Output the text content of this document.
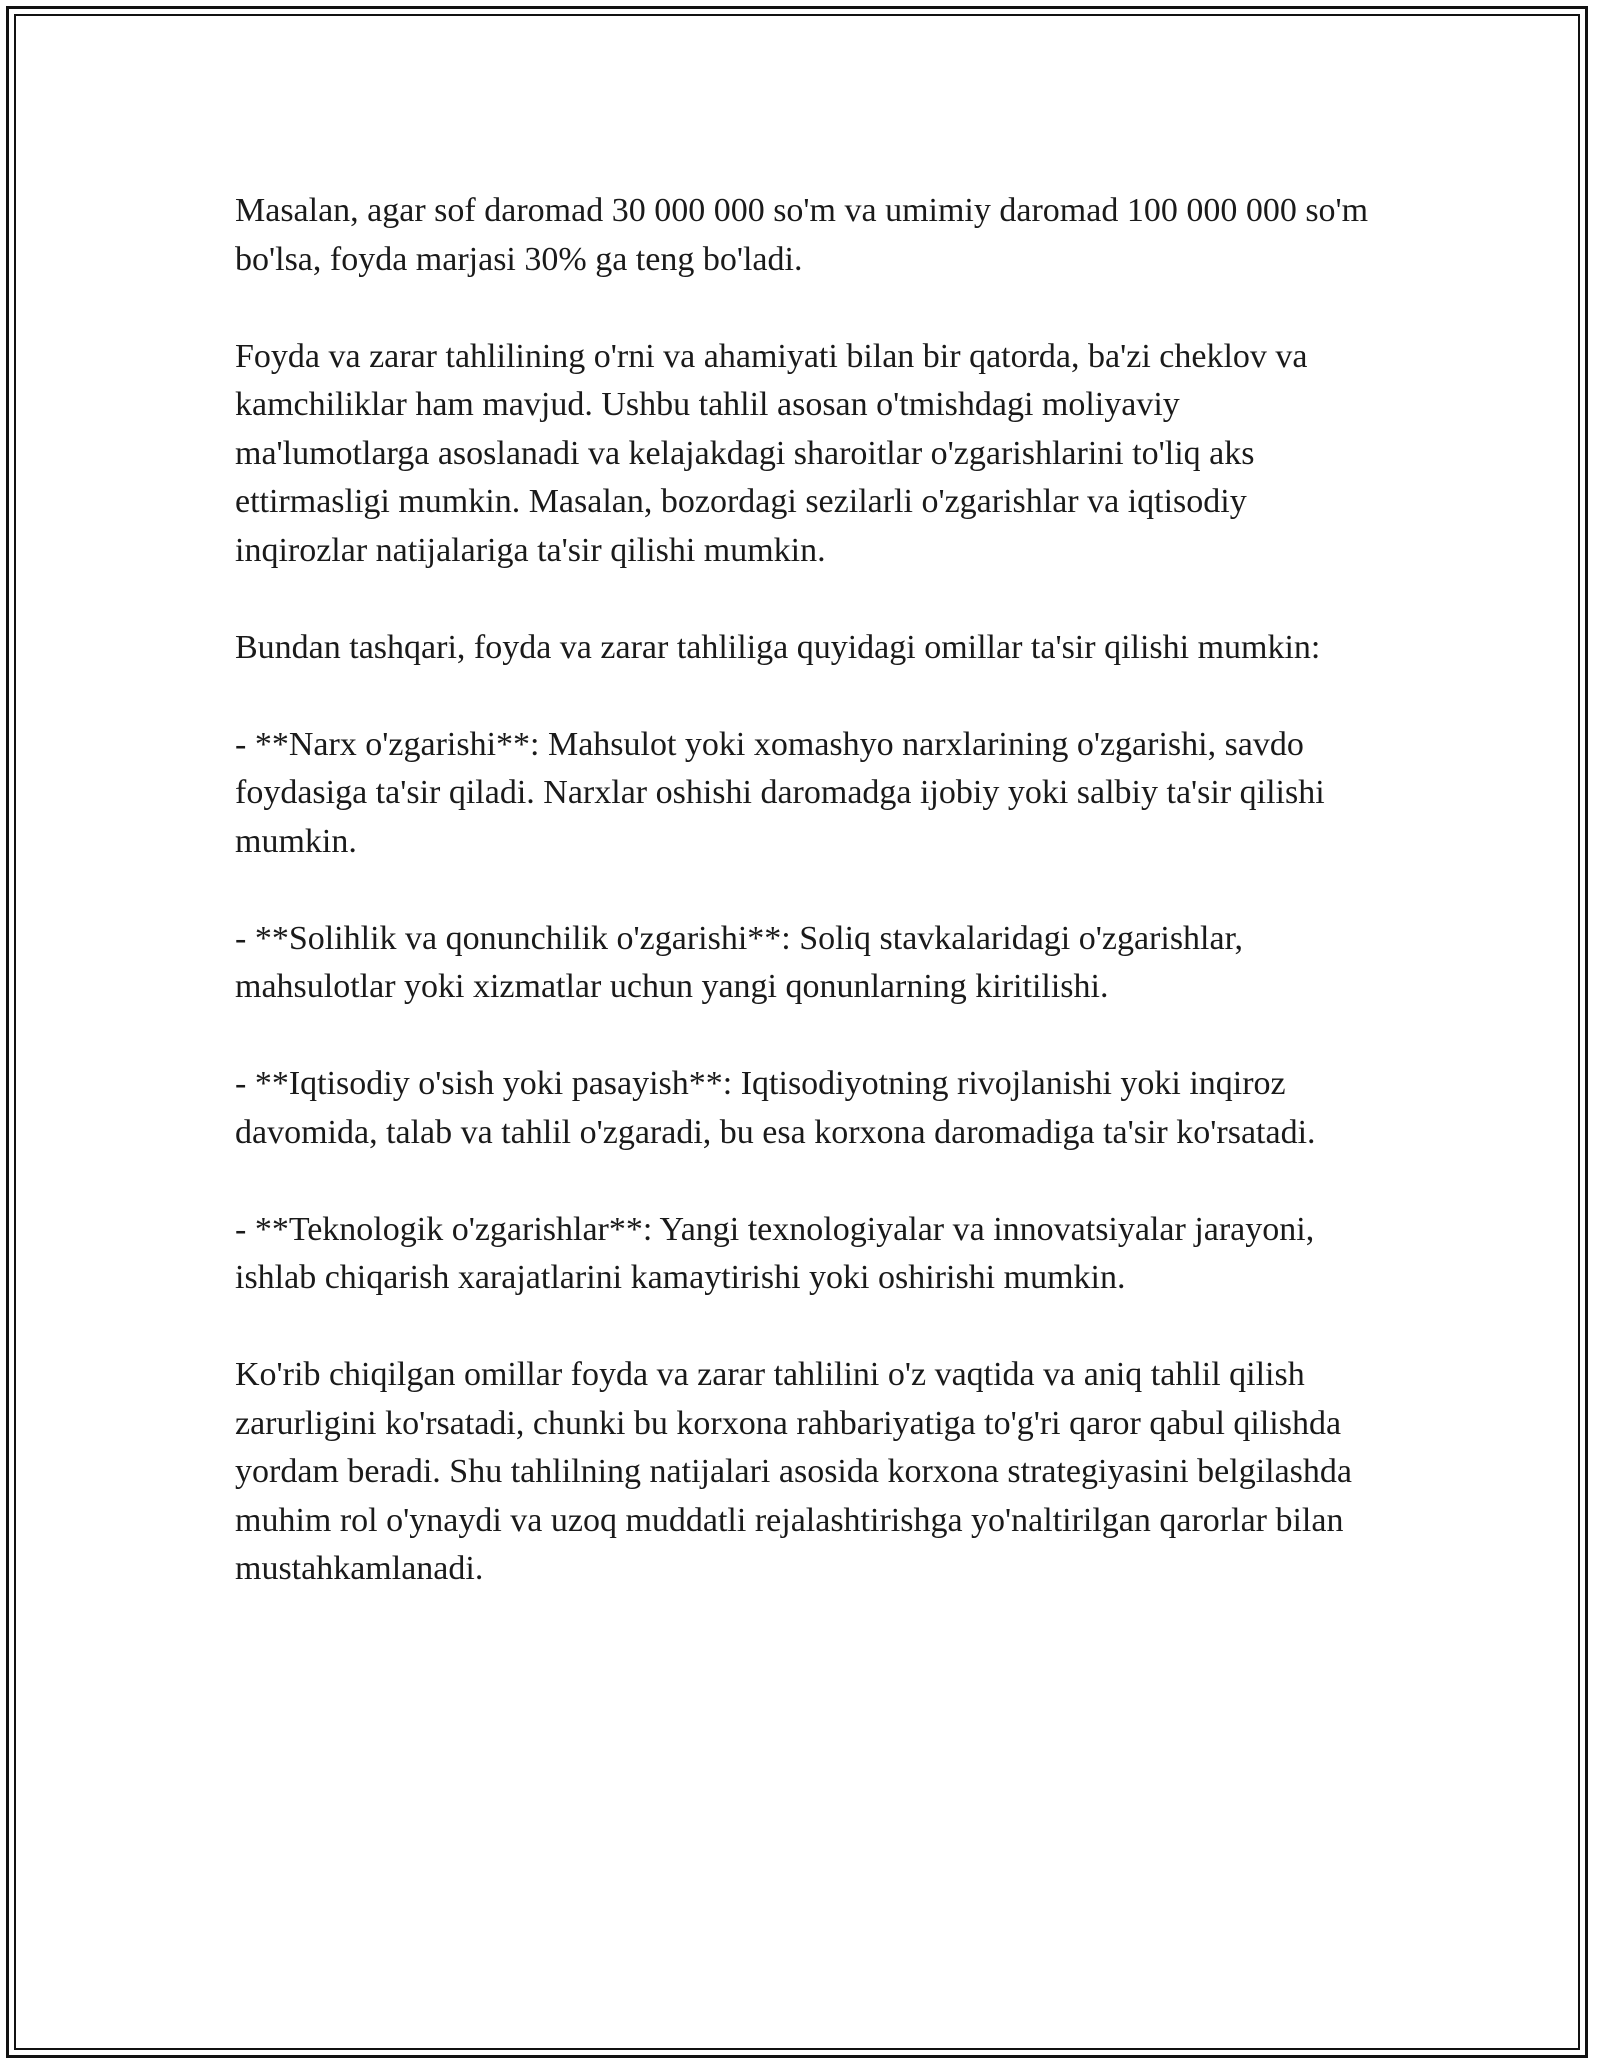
Masalan, agar sof daromad 30 000 000 so'm va umimiy daromad 100 000 000 so'm bo'lsa, foyda marjasi 30% ga teng bo'ladi.

Foyda va zarar tahlilining o'rni va ahamiyati bilan bir qatorda, ba'zi cheklov va kamchiliklar ham mavjud. Ushbu tahlil asosan o'tmishdagi moliyaviy ma'lumotlarga asoslanadi va kelajakdagi sharoitlar o'zgarishlarini to'liq aks ettirmasligi mumkin. Masalan, bozordagi sezilarli o'zgarishlar va iqtisodiy inqirozlar natijalariga ta'sir qilishi mumkin.

Bundan tashqari, foyda va zarar tahliliga quyidagi omillar ta'sir qilishi mumkin:

- **Narx o'zgarishi**: Mahsulot yoki xomashyo narxlarining o'zgarishi, savdo foydasiga ta'sir qiladi. Narxlar oshishi daromadga ijobiy yoki salbiy ta'sir qilishi mumkin.

- **Solihlik va qonunchilik o'zgarishi**: Soliq stavkalaridagi o'zgarishlar, mahsulotlar yoki xizmatlar uchun yangi qonunlarning kiritilishi.

- **Iqtisodiy o'sish yoki pasayish**: Iqtisodiyotning rivojlanishi yoki inqiroz davomida, talab va tahlil o'zgaradi, bu esa korxona daromadiga ta'sir ko'rsatadi.

- **Teknologik o'zgarishlar**: Yangi texnologiyalar va innovatsiyalar jarayoni, ishlab chiqarish xarajatlarini kamaytirishi yoki oshirishi mumkin.

Ko'rib chiqilgan omillar foyda va zarar tahlilini o'z vaqtida va aniq tahlil qilish zarurligini ko'rsatadi, chunki bu korxona rahbariyatiga to'g'ri qaror qabul qilishda yordam beradi. Shu tahlilning natijalari asosida korxona strategiyasini belgilashda muhim rol o'ynaydi va uzoq muddatli rejalashtirishga yo'naltirilgan qarorlar bilan mustahkamlanadi.
